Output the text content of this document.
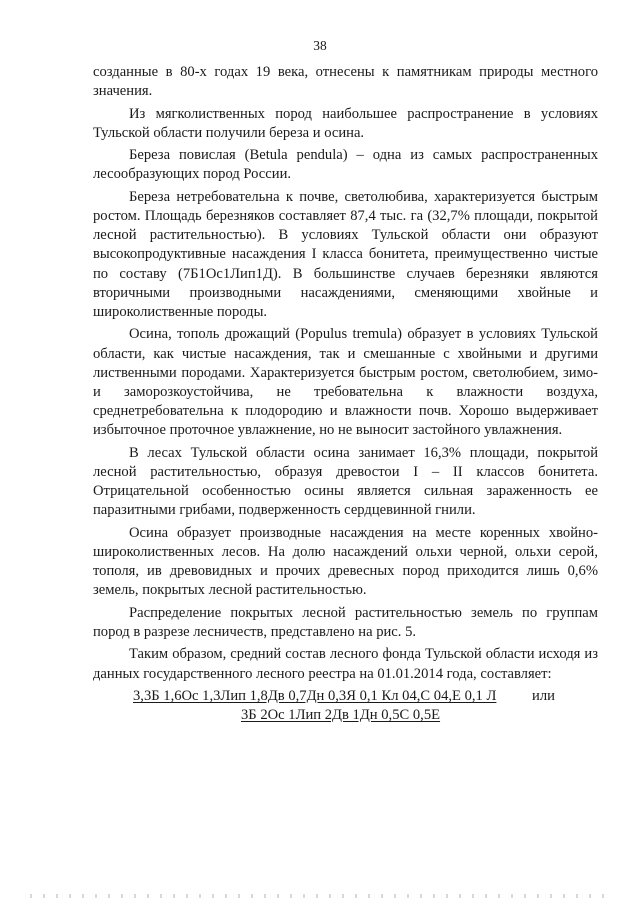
38

созданные в 80-х годах 19 века, отнесены к памятникам природы местного значения.

Из мягколиственных пород наибольшее распространение в условиях Тульской области получили береза и осина.

Береза повислая (Betula pendula) – одна из самых распространенных лесообразующих пород России.

Береза нетребовательна к почве, светолюбива, характеризуется быстрым ростом. Площадь березняков составляет 87,4 тыс. га (32,7% площади, покрытой лесной растительностью). В условиях Тульской области они образуют высокопродуктивные насаждения I класса бонитета, преимущественно чистые по составу (7Б1Ос1Лип1Д). В большинстве случаев березняки являются вторичными производными насаждениями, сменяющими хвойные и широколиственные породы.

Осина, тополь дрожащий (Populus tremula) образует в условиях Тульской области, как чистые насаждения, так и смешанные с хвойными и другими лиственными породами. Характеризуется быстрым ростом, светолюбием, зимо- и заморозкоустойчива, не требовательна к влажности воздуха, среднетребовательна к плодородию и влажности почв. Хорошо выдерживает избыточное проточное увлажнение, но не выносит застойного увлажнения.

В лесах Тульской области осина занимает 16,3% площади, покрытой лесной растительностью, образуя древостои I – II классов бонитета. Отрицательной особенностью осины является сильная зараженность ее паразитными грибами, подверженность сердцевинной гнили.

Осина образует производные насаждения на месте коренных хвойно-широколиственных лесов. На долю насаждений ольхи черной, ольхи серой, тополя, ив древовидных и прочих древесных пород приходится лишь 0,6% земель, покрытых лесной растительностью.

Распределение покрытых лесной растительностью земель по группам пород в разрезе лесничеств, представлено на рис. 5.

Таким образом, средний состав лесного фонда Тульской области исходя из данных государственного лесного реестра на 01.01.2014 года, составляет:

3,3Б 1,6Ос 1,3Лип 1,8Дв 0,7Дн 0,3Я 0,1 Кл 04,С 04,Е 0,1 Л или
3Б 2Ос 1Лип 2Дв 1Дн 0,5С 0,5Е
